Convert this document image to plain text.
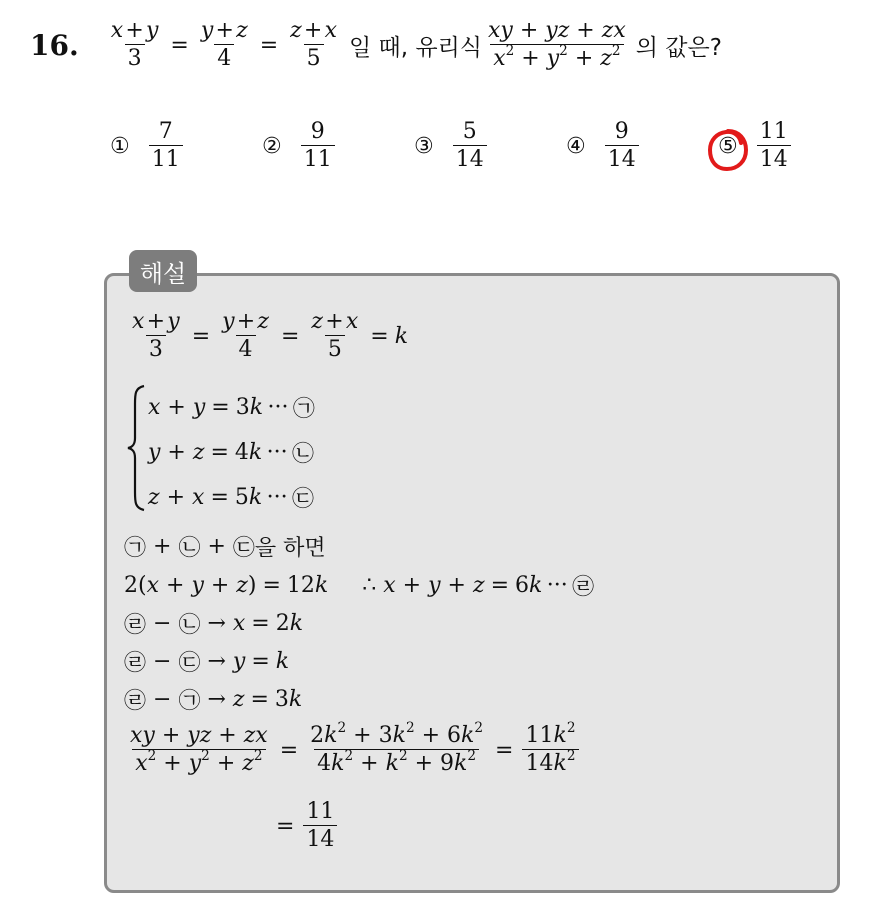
16. $\frac{x + y}{3} = \frac{y + z}{4} = \frac{z + x}{5}$ 일 때, 유리식 $\frac{xy + yz + zx}{x^2 + y^2 + z^2}$ 의 값은?
① $\frac{7}{11}$	② $\frac{9}{11}$	③ $\frac{5}{14}$	④ $\frac{9}{14}$	⑤ $\frac{11}{14}$
해설
$\frac{x + y}{3} = \frac{y + z}{4} = \frac{z + x}{5} = k$
x + y = 3 k  ···  ㉠
y + z = 4 k  ···  ㉡
z + x = 5 k  ···  ㉢
㉠ + ㉡ + ㉢ 을 하면
2( x + y + z ) = 12 k ∴ x + y + z = 6 k  ···  ㉣
㉣ − ㉡ → x = 2 k
㉣ − ㉢ → y = k
㉣ − ㉠ → z = 3 k
$\frac{xy + yz + zx}{x^2 + y^2 + z^2} = \frac{2k^2 + 3k^2 + 6k^2}{4k^2 + k^2 + 9k^2} = \frac{11k^2}{14k^2}$
= $\frac{11}{14}$
